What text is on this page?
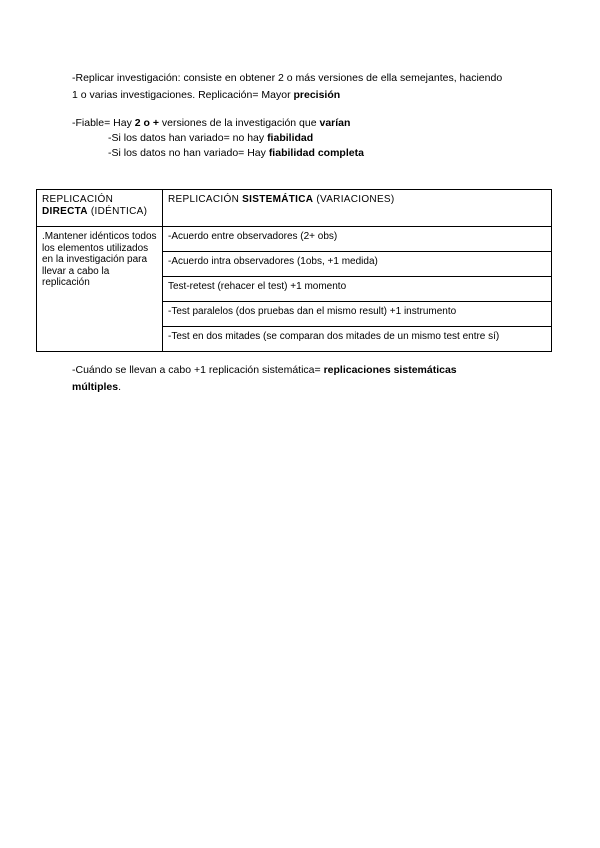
-Replicar investigación: consiste en obtener 2 o más versiones de ella semejantes, haciendo
1 o varias investigaciones. Replicación= Mayor precisión
-Fiable= Hay 2 o + versiones de la investigación que varían
-Si los datos han variado= no hay fiabilidad
-Si los datos no han variado= Hay fiabilidad completa
REPLICACIÓN
DIRECTA (IDÉNTICA)	REPLICACIÓN SISTEMÁTICA (VARIACIONES)
.Mantener idénticos todos los elementos utilizados en la investigación para llevar a cabo la replicación	-Acuerdo entre observadores (2+ obs)
	-Acuerdo intra observadores (1obs, +1 medida)
	Test-retest (rehacer el test) +1 momento
	-Test paralelos (dos pruebas dan el mismo result) +1 instrumento
	-Test en dos mitades (se comparan dos mitades de un mismo test entre sí)
-Cuándo se llevan a cabo +1 replicación sistemática= replicaciones sistemáticas
múltiples.
